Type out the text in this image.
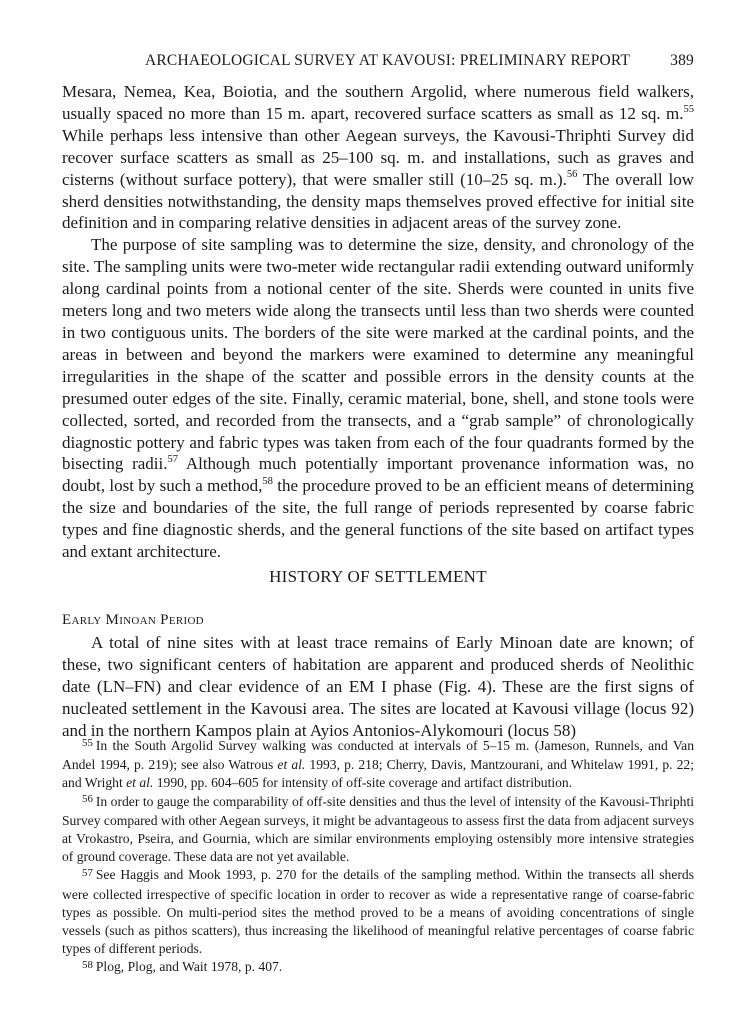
ARCHAEOLOGICAL SURVEY AT KAVOUSI: PRELIMINARY REPORT	389

Mesara, Nemea, Kea, Boiotia, and the southern Argolid, where numerous field walkers, usually spaced no more than 15 m. apart, recovered surface scatters as small as 12 sq. m.$^{55}$ While perhaps less intensive than other Aegean surveys, the Kavousi-Thriphti Survey did recover surface scatters as small as 25–100 sq. m. and installations, such as graves and cisterns (without surface pottery), that were smaller still (10–25 sq. m.).$^{56}$ The overall low sherd densities notwithstanding, the density maps themselves proved effective for initial site definition and in comparing relative densities in adjacent areas of the survey zone.

The purpose of site sampling was to determine the size, density, and chronology of the site. The sampling units were two-meter wide rectangular radii extending outward uniformly along cardinal points from a notional center of the site. Sherds were counted in units five meters long and two meters wide along the transects until less than two sherds were counted in two contiguous units. The borders of the site were marked at the cardinal points, and the areas in between and beyond the markers were examined to determine any meaningful irregularities in the shape of the scatter and possible errors in the density counts at the presumed outer edges of the site. Finally, ceramic material, bone, shell, and stone tools were collected, sorted, and recorded from the transects, and a “grab sample” of chronologically diagnostic pottery and fabric types was taken from each of the four quadrants formed by the bisecting radii.$^{57}$ Although much potentially important provenance information was, no doubt, lost by such a method,$^{58}$ the procedure proved to be an efficient means of determining the size and boundaries of the site, the full range of periods represented by coarse fabric types and fine diagnostic sherds, and the general functions of the site based on artifact types and extant architecture.

HISTORY OF SETTLEMENT
Early Minoan Period

A total of nine sites with at least trace remains of Early Minoan date are known; of these, two significant centers of habitation are apparent and produced sherds of Neolithic date (LN–FN) and clear evidence of an EM I phase (Fig. 4). These are the first signs of nucleated settlement in the Kavousi area. The sites are located at Kavousi village (locus 92) and in the northern Kampos plain at Ayios Antonios-Alykomouri (locus 58)

$^{55}$ In the South Argolid Survey walking was conducted at intervals of 5–15 m. (Jameson, Runnels, and Van Andel 1994, p. 219); see also Watrous et al. 1993, p. 218; Cherry, Davis, Mantzourani, and Whitelaw 1991, p. 22; and Wright et al. 1990, pp. 604–605 for intensity of off-site coverage and artifact distribution.

$^{56}$ In order to gauge the comparability of off-site densities and thus the level of intensity of the Kavousi-Thriphti Survey compared with other Aegean surveys, it might be advantageous to assess first the data from adjacent surveys at Vrokastro, Pseira, and Gournia, which are similar environments employing ostensibly more intensive strategies of ground coverage. These data are not yet available.

$^{57}$ See Haggis and Mook 1993, p. 270 for the details of the sampling method. Within the transects all sherds were collected irrespective of specific location in order to recover as wide a representative range of coarse-fabric types as possible. On multi-period sites the method proved to be a means of avoiding concentrations of single vessels (such as pithos scatters), thus increasing the likelihood of meaningful relative percentages of coarse fabric types of different periods.

$^{58}$ Plog, Plog, and Wait 1978, p. 407.
